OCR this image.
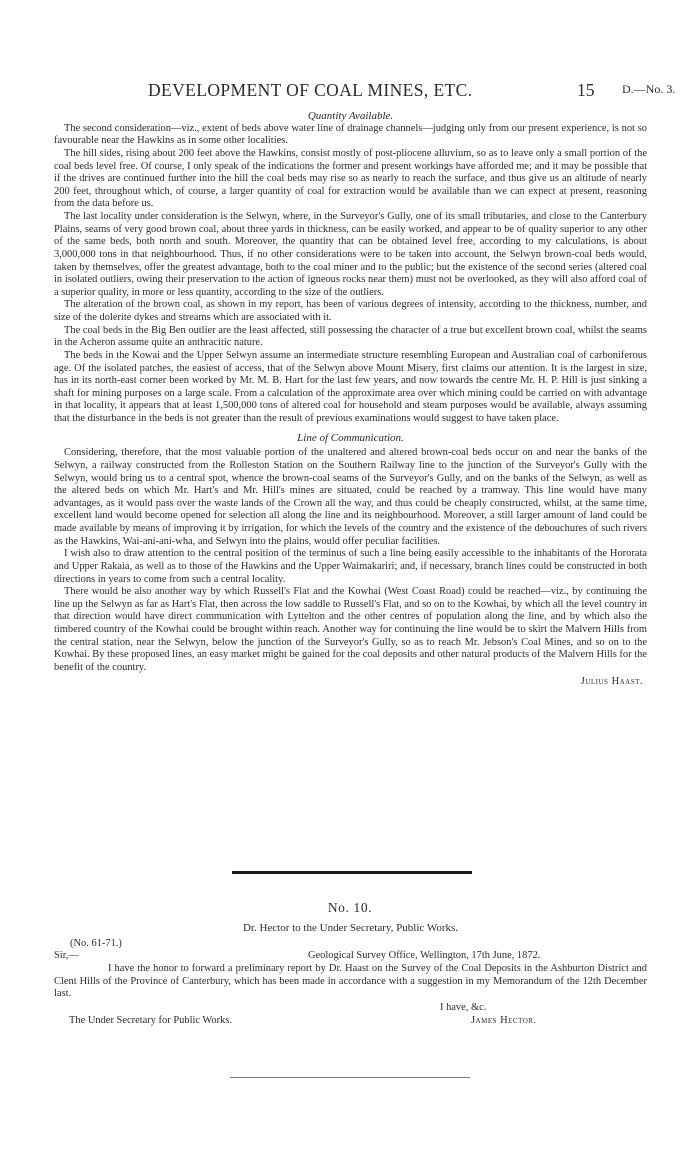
DEVELOPMENT OF COAL MINES, ETC.	15 D.—No. 3.

Quantity Available.

The second consideration—viz., extent of beds above water line of drainage channels—judging only from our present experience, is not so favourable near the Hawkins as in some other localities.

The hill sides, rising about 200 feet above the Hawkins, consist mostly of post-pliocene alluvium, so as to leave only a small portion of the coal beds level free. Of course, I only speak of the indications the former and present workings have afforded me; and it may be possible that if the drives are continued further into the hill the coal beds may rise so as nearly to reach the surface, and thus give us an altitude of nearly 200 feet, throughout which, of course, a larger quantity of coal for extraction would be available than we can expect at present, reasoning from the data before us.

The last locality under consideration is the Selwyn, where, in the Surveyor's Gully, one of its small tributaries, and close to the Canterbury Plains, seams of very good brown coal, about three yards in thickness, can be easily worked, and appear to be of quality superior to any other of the same beds, both north and south. Moreover, the quantity that can be obtained level free, according to my calculations, is about 3,000,000 tons in that neighbourhood. Thus, if no other considerations were to be taken into account, the Selwyn brown-coal beds would, taken by themselves, offer the greatest advantage, both to the coal miner and to the public; but the existence of the second series (altered coal in isolated outliers, owing their preservation to the action of igneous rocks near them) must not be overlooked, as they will also afford coal of a superior quality, in more or less quantity, according to the size of the outliers.

The alteration of the brown coal, as shown in my report, has been of various degrees of intensity, according to the thickness, number, and size of the dolerite dykes and streams which are associated with it.

The coal beds in the Big Ben outlier are the least affected, still possessing the character of a true but excellent brown coal, whilst the seams in the Acheron assume quite an anthracitic nature.

The beds in the Kowai and the Upper Selwyn assume an intermediate structure resembling European and Australian coal of carboniferous age. Of the isolated patches, the easiest of access, that of the Selwyn above Mount Misery, first claims our attention. It is the largest in size, has in its north-east corner been worked by Mr. M. B. Hart for the last few years, and now towards the centre Mr. H. P. Hill is just sinking a shaft for mining purposes on a large scale. From a calculation of the approximate area over which mining could be carried on with advantage in that locality, it appears that at least 1,500,000 tons of altered coal for household and steam purposes would be available, always assuming that the disturbance in the beds is not greater than the result of previous examinations would suggest to have taken place.

Line of Communication.

Considering, therefore, that the most valuable portion of the unaltered and altered brown-coal beds occur on and near the banks of the Selwyn, a railway constructed from the Rolleston Station on the Southern Railway line to the junction of the Surveyor's Gully with the Selwyn, would bring us to a central spot, whence the brown-coal seams of the Surveyor's Gully, and on the banks of the Selwyn, as well as the altered beds on which Mr. Hart's and Mr. Hill's mines are situated, could be reached by a tramway. This line would have many advantages, as it would pass over the waste lands of the Crown all the way, and thus could be cheaply constructed, whilst, at the same time, excellent land would become opened for selection all along the line and its neighbourhood. Moreover, a still larger amount of land could be made available by means of improving it by irrigation, for which the levels of the country and the existence of the debouchures of such rivers as the Hawkins, Wai-ani-ani-wha, and Selwyn into the plains, would offer peculiar facilities.

I wish also to draw attention to the central position of the terminus of such a line being easily accessible to the inhabitants of the Hororata and Upper Rakaia, as well as to those of the Hawkins and the Upper Waimakariri; and, if necessary, branch lines could be constructed in both directions in years to come from such a central locality.

There would be also another way by which Russell's Flat and the Kowhai (West Coast Road) could be reached—viz., by continuing the line up the Selwyn as far as Hart's Flat, then across the low saddle to Russell's Flat, and so on to the Kowhai, by which all the level country in that direction would have direct communication with Lyttelton and the other centres of population along the line, and by which also the timbered country of the Kowhai could be brought within reach. Another way for continuing the line would be to skirt the Malvern Hills from the central station, near the Selwyn, below the junction of the Surveyor's Gully, so as to reach Mr. Jebson's Coal Mines, and so on to the Kowhai. By these proposed lines, an easy market might be gained for the coal deposits and other natural products of the Malvern Hills for the benefit of the country.

Julius Haast.
No. 10.
Dr. Hector to the Under Secretary, Public Works.
(No. 61-71.)
Sir,—	Geological Survey Office, Wellington, 17th June, 1872.
I have the honor to forward a preliminary report by Dr. Haast on the Survey of the Coal Deposits in the Ashburton District and Clent Hills of the Province of Canterbury, which has been made in accordance with a suggestion in my Memorandum of the 12th December last.
I have, &c.
The Under Secretary for Public Works.	James Hector.
